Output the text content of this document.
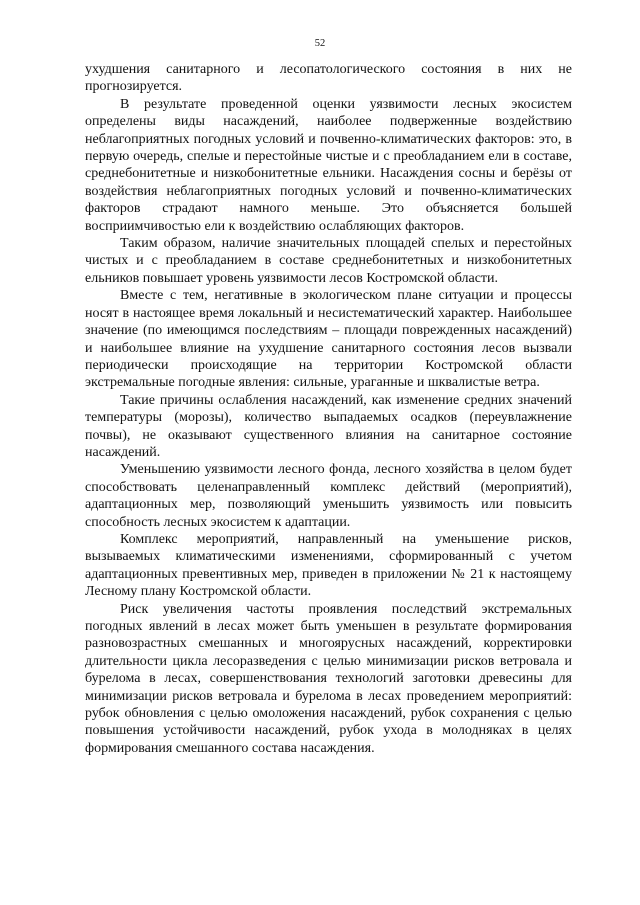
52

ухудшения санитарного и лесопатологического состояния в них не прогнозируется.

В результате проведенной оценки уязвимости лесных экосистем определены виды насаждений, наиболее подверженные воздействию неблагоприятных погодных условий и почвенно-климатических факторов: это, в первую очередь, спелые и перестойные чистые и с преобладанием ели в составе, среднебонитетные и низкобонитетные ельники. Насаждения сосны и берёзы от воздействия неблагоприятных погодных условий и почвенно-климатических факторов страдают намного меньше. Это объясняется большей восприимчивостью ели к воздействию ослабляющих факторов.

Таким образом, наличие значительных площадей спелых и перестойных чистых и с преобладанием в составе среднебонитетных и низкобонитетных ельников повышает уровень уязвимости лесов Костромской области.

Вместе с тем, негативные в экологическом плане ситуации и процессы носят в настоящее время локальный и несистематический характер. Наибольшее значение (по имеющимся последствиям – площади поврежденных насаждений) и наибольшее влияние на ухудшение санитарного состояния лесов вызвали периодически происходящие на территории Костромской области экстремальные погодные явления: сильные, ураганные и шквалистые ветра.

Такие причины ослабления насаждений, как изменение средних значений температуры (морозы), количество выпадаемых осадков (переувлажнение почвы), не оказывают существенного влияния на санитарное состояние насаждений.

Уменьшению уязвимости лесного фонда, лесного хозяйства в целом будет способствовать целенаправленный комплекс действий (мероприятий), адаптационных мер, позволяющий уменьшить уязвимость или повысить способность лесных экосистем к адаптации.

Комплекс мероприятий, направленный на уменьшение рисков, вызываемых климатическими изменениями, сформированный с учетом адаптационных превентивных мер, приведен в приложении № 21 к настоящему Лесному плану Костромской области.

Риск увеличения частоты проявления последствий экстремальных погодных явлений в лесах может быть уменьшен в результате формирования разновозрастных смешанных и многоярусных насаждений, корректировки длительности цикла лесоразведения с целью минимизации рисков ветровала и бурелома в лесах, совершенствования технологий заготовки древесины для минимизации рисков ветровала и бурелома в лесах проведением мероприятий: рубок обновления с целью омоложения насаждений, рубок сохранения с целью повышения устойчивости насаждений, рубок ухода в молодняках в целях формирования смешанного состава насаждения.
